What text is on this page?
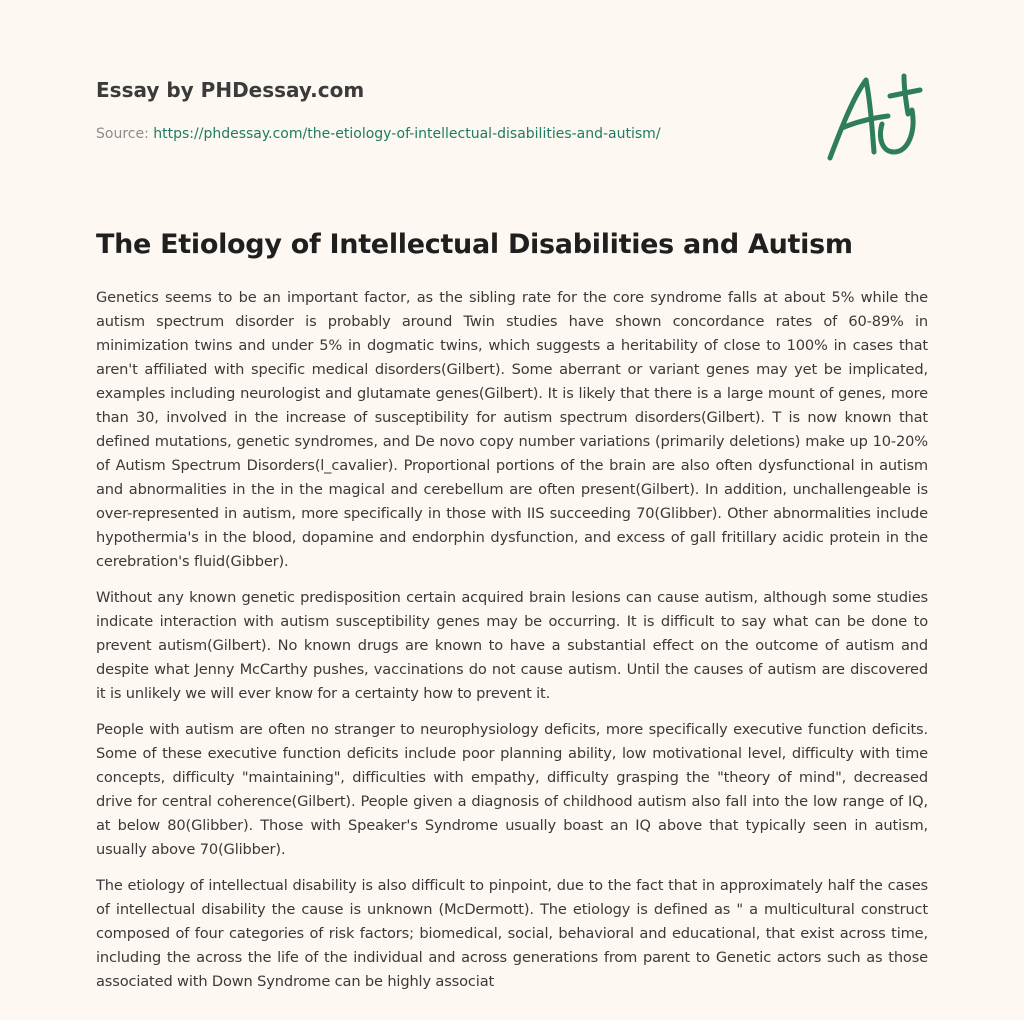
Essay by PHDessay.com
Source: https://phdessay.com/the-etiology-of-intellectual-disabilities-and-autism/
The Etiology of Intellectual Disabilities and Autism

Genetics seems to be an important factor, as the sibling rate for the core syndrome falls at about 5% while the autism spectrum disorder is probably around Twin studies have shown concordance rates of 60-89% in minimization twins and under 5% in dogmatic twins, which suggests a heritability of close to 100% in cases that aren't affiliated with specific medical disorders(Gilbert). Some aberrant or variant genes may yet be implicated, examples including neurologist and glutamate genes(Gilbert). It is likely that there is a large mount of genes, more than 30, involved in the increase of susceptibility for autism spectrum disorders(Gilbert). T is now known that defined mutations, genetic syndromes, and De novo copy number variations (primarily deletions) make up 10-20% of Autism Spectrum Disorders(l_cavalier). Proportional portions of the brain are also often dysfunctional in autism and abnormalities in the in the magical and cerebellum are often present(Gilbert). In addition, unchallengeable is over-represented in autism, more specifically in those with IIS succeeding 70(Glibber). Other abnormalities include hypothermia's in the blood, dopamine and endorphin dysfunction, and excess of gall fritillary acidic protein in the cerebration's fluid(Gibber).

Without any known genetic predisposition certain acquired brain lesions can cause autism, although some studies indicate interaction with autism susceptibility genes may be occurring. It is difficult to say what can be done to prevent autism(Gilbert). No known drugs are known to have a substantial effect on the outcome of autism and despite what Jenny McCarthy pushes, vaccinations do not cause autism. Until the causes of autism are discovered it is unlikely we will ever know for a certainty how to prevent it.

People with autism are often no stranger to neurophysiology deficits, more specifically executive function deficits. Some of these executive function deficits include poor planning ability, low motivational level, difficulty with time concepts, difficulty "maintaining", difficulties with empathy, difficulty grasping the "theory of mind", decreased drive for central coherence(Gilbert). People given a diagnosis of childhood autism also fall into the low range of IQ, at below 80(Glibber). Those with Speaker's Syndrome usually boast an IQ above that typically seen in autism, usually above 70(Glibber).

The etiology of intellectual disability is also difficult to pinpoint, due to the fact that in approximately half the cases of intellectual disability the cause is unknown (McDermott). The etiology is defined as " a multicultural construct composed of four categories of risk factors; biomedical, social, behavioral and educational, that exist across time, including the across the life of the individual and across generations from parent to Genetic actors such as those associated with Down Syndrome can be highly associat
